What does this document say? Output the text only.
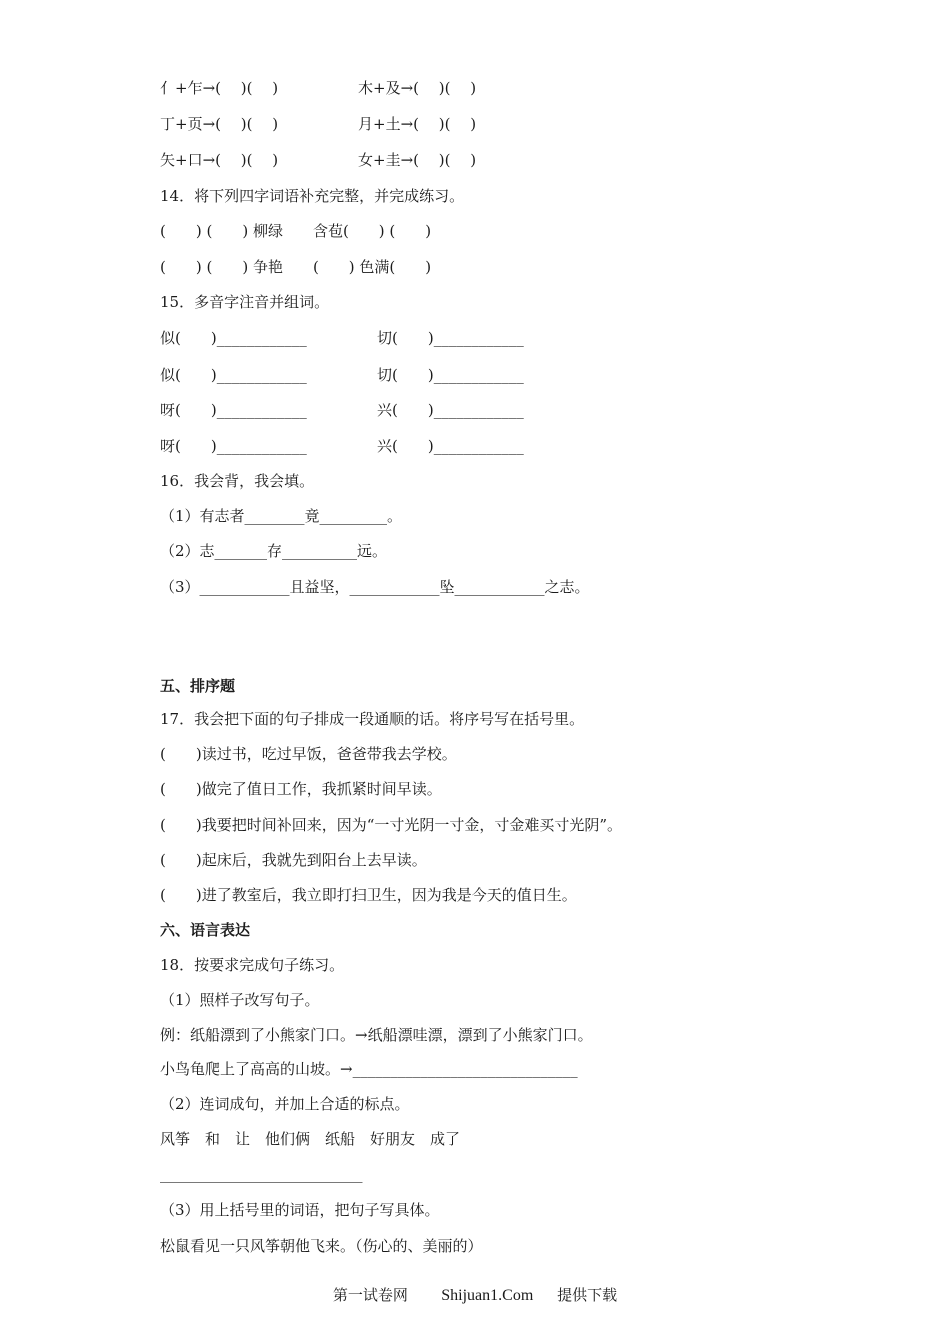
亻+乍→(　 )(　 )	木+及→(　 )(　 )
丁+页→(　 )(　 )	月+土→(　 )(　 )
矢+口→(　 )(　 )	女+圭→(　 )(　 )
14．将下列四字词语补充完整，并完成练习。
(　　) (　　) 柳绿　　含苞(　　) (　　)
(　　) (　　) 争艳　　(　　) 色满(　　)
15．多音字注音并组词。
似(　　)____________	切(　　)____________
似(　　)____________	切(　　)____________
呀(　　)____________	兴(　　)____________
呀(　　)____________	兴(　　)____________
16．我会背，我会填。
（1）有志者________竟_________。
（2）志_______存__________远。
（3）____________且益坚，____________坠____________之志。
五、排序题
17．我会把下面的句子排成一段通顺的话。将序号写在括号里。
(　　)读过书，吃过早饭，爸爸带我去学校。
(　　)做完了值日工作，我抓紧时间早读。
(　　)我要把时间补回来，因为“一寸光阴一寸金，寸金难买寸光阴”。
(　　)起床后，我就先到阳台上去早读。
(　　)进了教室后，我立即打扫卫生，因为我是今天的值日生。
六、语言表达
18．按要求完成句子练习。
（1）照样子改写句子。
例：纸船漂到了小熊家门口。→纸船漂哇漂，漂到了小熊家门口。
小鸟龟爬上了高高的山坡。→______________________________
（2）连词成句，并加上合适的标点。
风筝　和　让　他们俩　纸船　好朋友　成了
___________________________
（3）用上括号里的词语，把句子写具体。
松鼠看见一只风筝朝他飞来。（伤心的、美丽的）
第一试卷网 Shijuan1.Com 提供下载
